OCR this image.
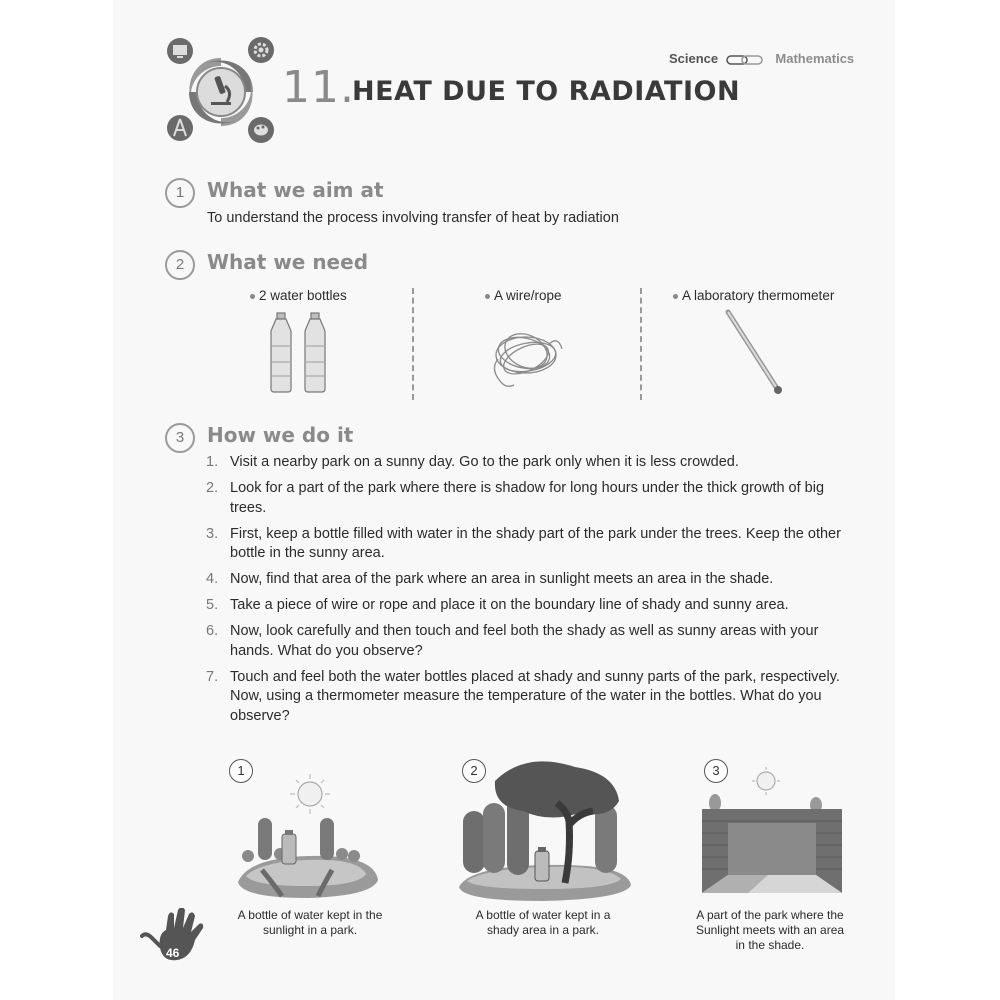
11.
HEAT DUE TO RADIATION
Science	Mathematics
1	What we aim at
To understand the process involving transfer of heat by radiation
2	What we need
2 water bottles	A wire/rope	A laboratory thermometer
3	How we do it
1. Visit a nearby park on a sunny day. Go to the park only when it is less crowded.
2. Look for a part of the park where there is shadow for long hours under the thick growth of big trees.
3. First, keep a bottle filled with water in the shady part of the park under the trees. Keep the other bottle in the sunny area.
4. Now, find that area of the park where an area in sunlight meets an area in the shade.
5. Take a piece of wire or rope and place it on the boundary line of shady and sunny area.
6. Now, look carefully and then touch and feel both the shady as well as sunny areas with your hands. What do you observe?
7. Touch and feel both the water bottles placed at shady and sunny parts of the park, respectively. Now, using a thermometer measure the temperature of the water in the bottles. What do you observe?
1
A bottle of water kept in the
sunlight in a park.
2
A bottle of water kept in a
shady area in a park.
3
A part of the park where the
Sunlight meets with an area
in the shade.
46
